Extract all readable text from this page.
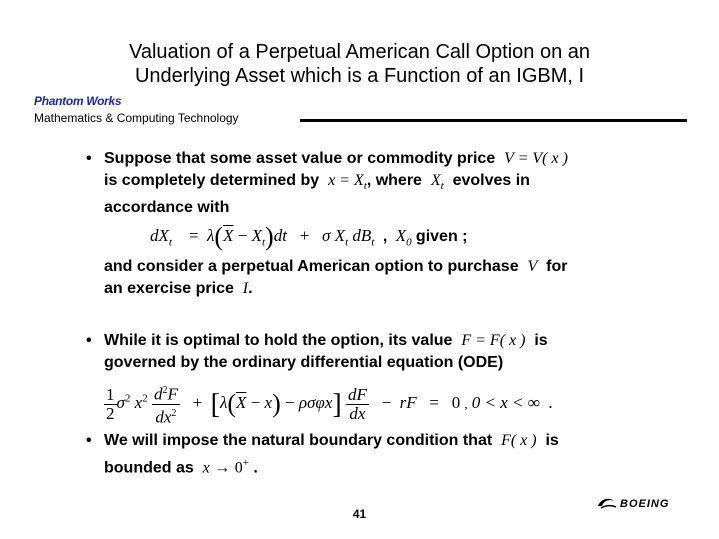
Valuation of a Perpetual American Call Option on an
Underlying Asset which is a Function of an IGBM, I
Phantom Works
Mathematics & Computing Technology
• Suppose that some asset value or commodity price V = V( x )
is completely determined by $x = X_t$, where $X_t$ evolves in
accordance with
$dX_t = \lambda(\overline{X} - X_t)dt + \sigma$ $X_t$ $dB_t$ , $X_0$ given ;
and consider a perpetual American option to purchase V for
an exercise price I.
• While it is optimal to hold the option, its value F = F( x ) is
governed by the ordinary differential equation (ODE)
$\frac{1}{2} \sigma^2$ $x^2 \frac{d^2F}{dx^2} + [\lambda(\overline{X} - x) - \rho\sigma\varphi x] \frac{dF}{dx}$ − rF = 0 , 0 < x < ∞ .
• We will impose the natural boundary condition that F( x ) is
bounded as x → 0+ .
41
BOEING
